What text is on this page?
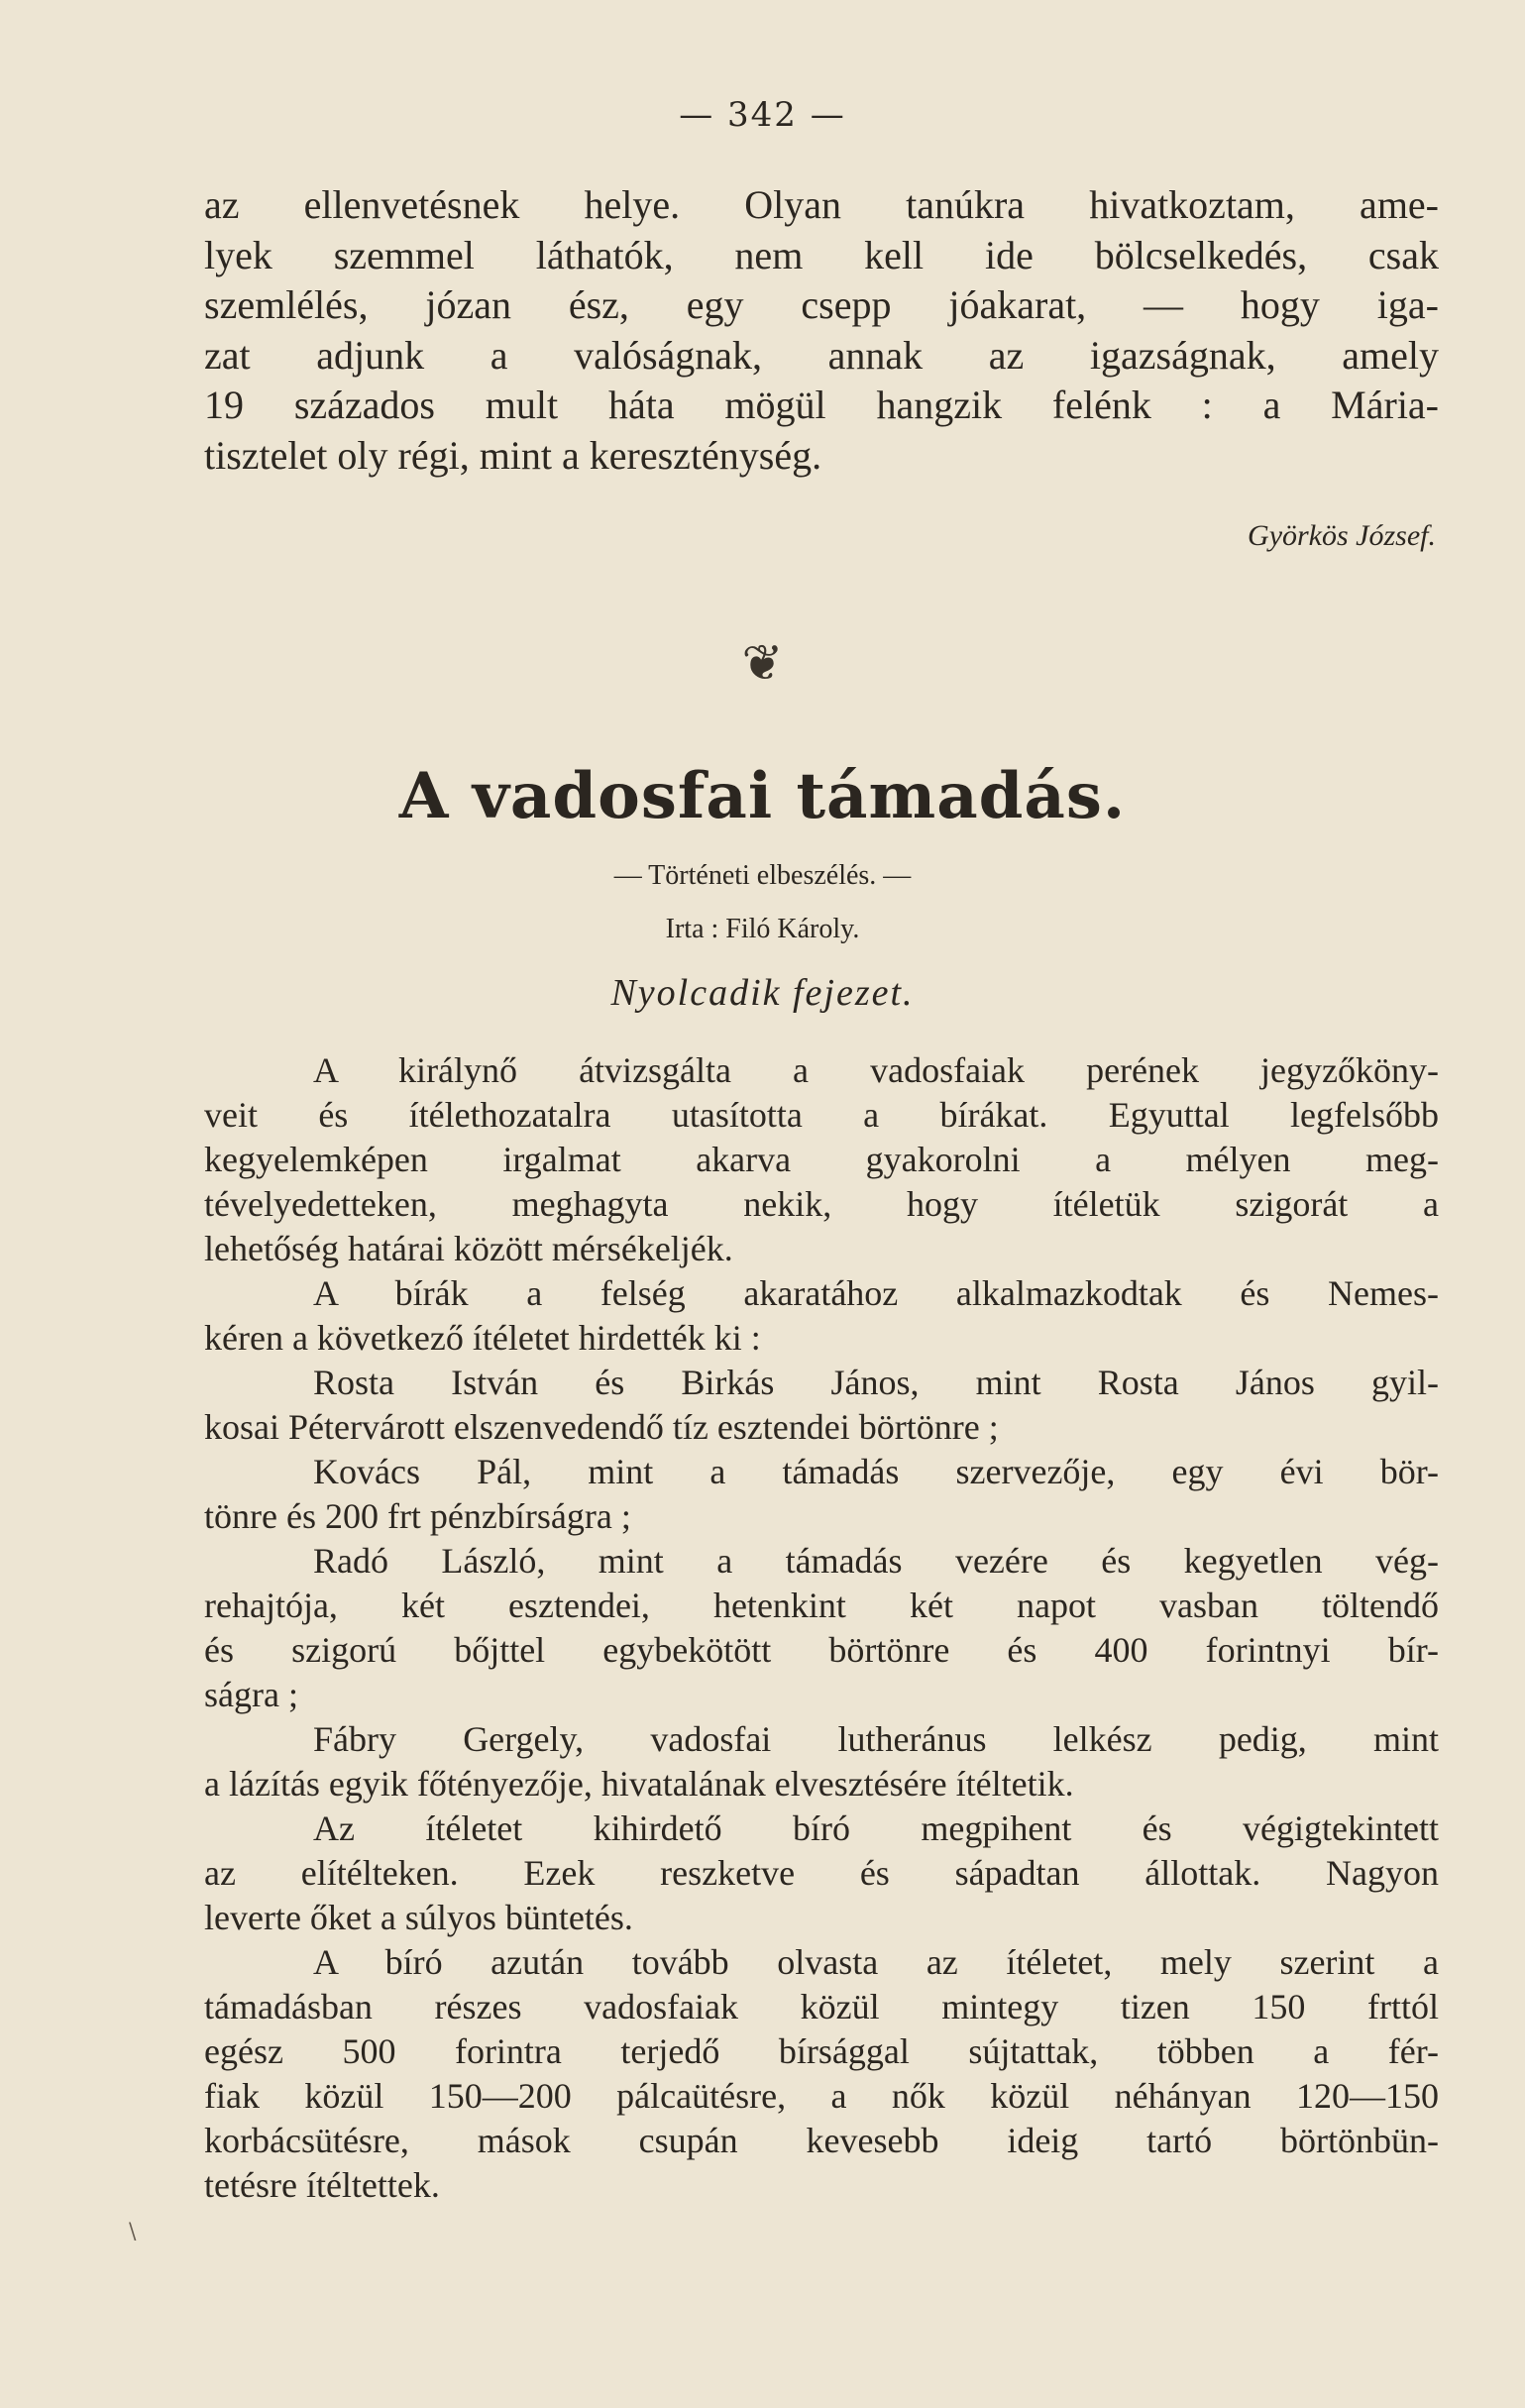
— 342 —

az ellenvetésnek helye. Olyan tanúkra hivatkoztam, ame-

lyek szemmel láthatók, nem kell ide bölcselkedés, csak

szemlélés, józan ész, egy csepp jóakarat, — hogy iga-

zat adjunk a valóságnak, annak az igazságnak, amely

19 százados mult háta mögül hangzik felénk : a Mária-

tisztelet oly régi, mint a kereszténység.

Györkös József.
❦
A vadosfai támadás.
— Történeti elbeszélés. —
Irta : Filó Károly.
Nyolcadik fejezet.

A királynő átvizsgálta a vadosfaiak perének jegyzőköny-

veit és ítélethozatalra utasította a bírákat. Egyuttal legfelsőbb

kegyelemképen irgalmat akarva gyakorolni a mélyen meg-

tévelyedetteken, meghagyta nekik, hogy ítéletük szigorát a

lehetőség határai között mérsékeljék.

A bírák a felség akaratához alkalmazkodtak és Nemes-

kéren a következő ítéletet hirdették ki :

Rosta István és Birkás János, mint Rosta János gyil-

kosai Pétervárott elszenvedendő tíz esztendei börtönre ;

Kovács Pál, mint a támadás szervezője, egy évi bör-

tönre és 200 frt pénzbírságra ;

Radó László, mint a támadás vezére és kegyetlen vég-

rehajtója, két esztendei, hetenkint két napot vasban töltendő

és szigorú bőjttel egybekötött börtönre és 400 forintnyi bír-

ságra ;

Fábry Gergely, vadosfai lutheránus lelkész pedig, mint

a lázítás egyik főtényezője, hivatalának elvesztésére ítéltetik.

Az ítéletet kihirdető bíró megpihent és végigtekintett

az elítélteken. Ezek reszketve és sápadtan állottak. Nagyon

leverte őket a súlyos büntetés.

A bíró azután tovább olvasta az ítéletet, mely szerint a

támadásban részes vadosfaiak közül mintegy tizen 150 frttól

egész 500 forintra terjedő bírsággal sújtattak, többen a fér-

fiak közül 150—200 pálcaütésre, a nők közül néhányan 120—150

korbácsütésre, mások csupán kevesebb ideig tartó börtönbün-

tetésre ítéltettek.

\
